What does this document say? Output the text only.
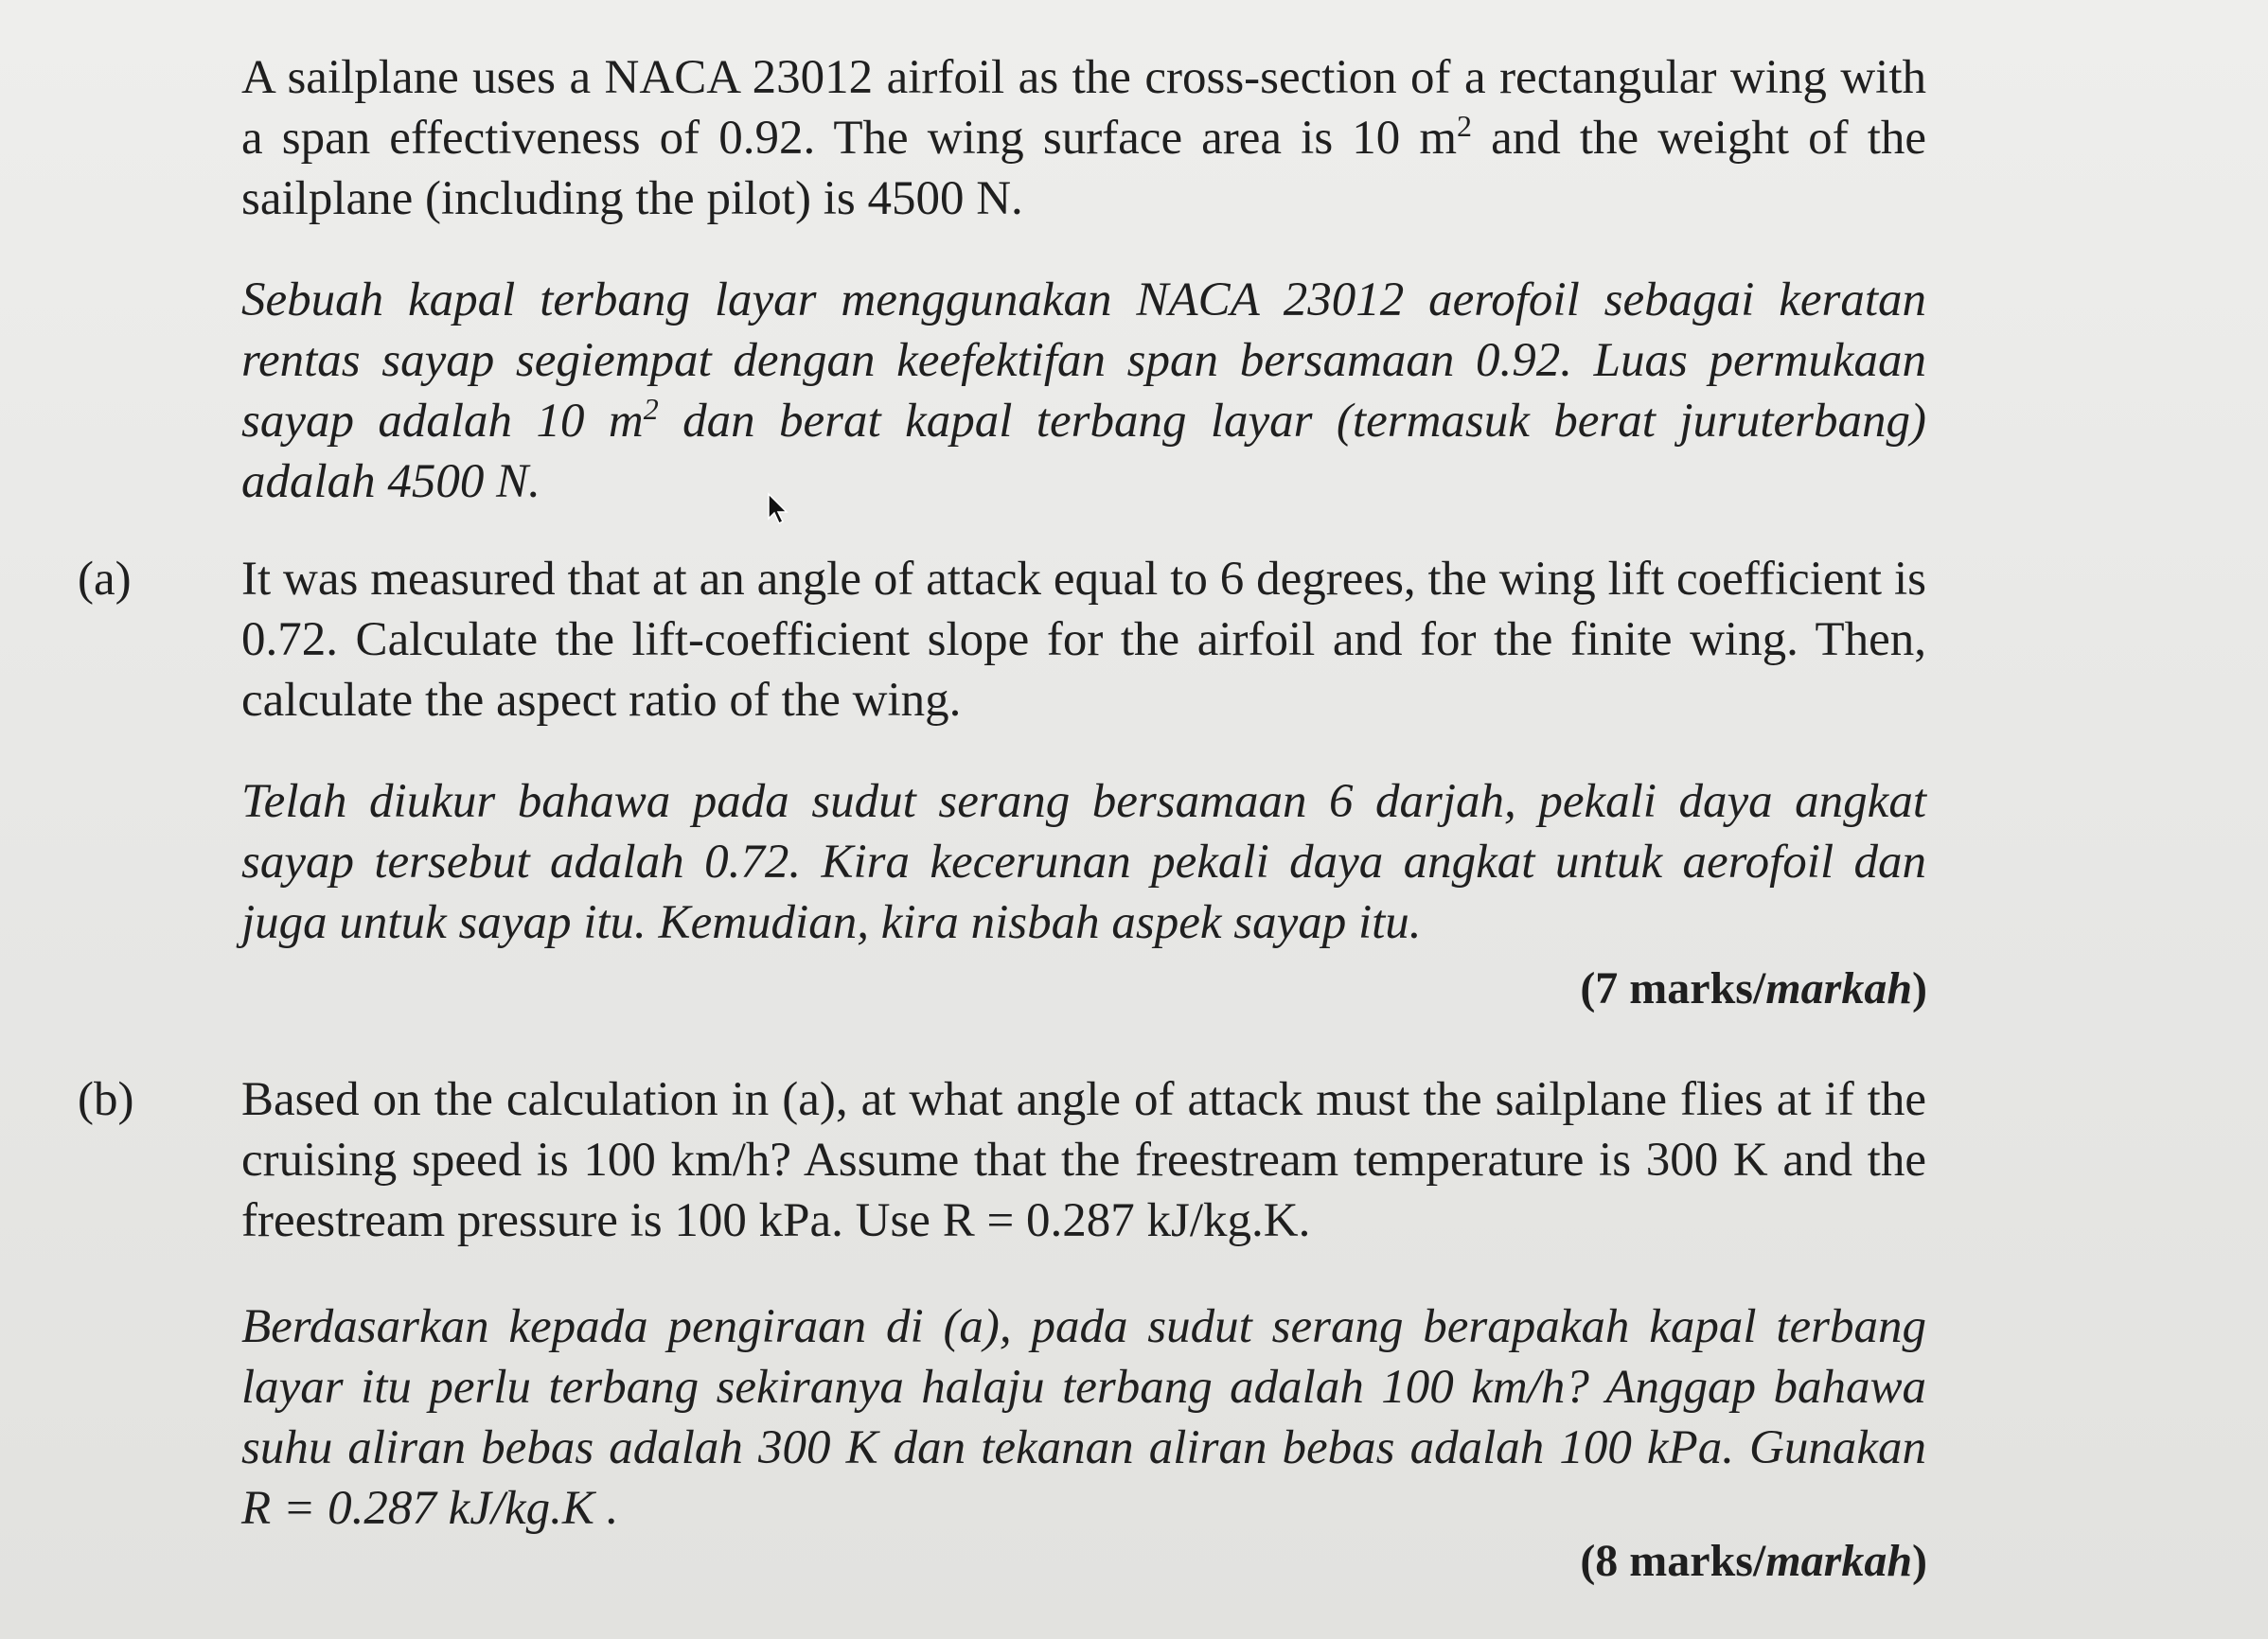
A sailplane uses a NACA 23012 airfoil as the cross-section of a rectangular wing with a span effectiveness of 0.92. The wing surface area is 10 $m^2$ and the weight of the sailplane (including the pilot) is 4500 N.
Sebuah kapal terbang layar menggunakan NACA 23012 aerofoil sebagai keratan rentas sayap segiempat dengan keefektifan span bersamaan 0.92. Luas permukaan sayap adalah 10 $m^2$ dan berat kapal terbang layar (termasuk berat juruterbang) adalah 4500 N.
(a) It was measured that at an angle of attack equal to 6 degrees, the wing lift coefficient is 0.72. Calculate the lift-coefficient slope for the airfoil and for the finite wing. Then, calculate the aspect ratio of the wing.
Telah diukur bahawa pada sudut serang bersamaan 6 darjah, pekali daya angkat sayap tersebut adalah 0.72. Kira kecerunan pekali daya angkat untuk aerofoil dan juga untuk sayap itu. Kemudian, kira nisbah aspek sayap itu.
(7 marks/markah)
(b) Based on the calculation in (a), at what angle of attack must the sailplane flies at if the cruising speed is 100 km/h? Assume that the freestream temperature is 300 K and the freestream pressure is 100 kPa. Use R = 0.287 kJ/kg.K.
Berdasarkan kepada pengiraan di (a), pada sudut serang berapakah kapal terbang layar itu perlu terbang sekiranya halaju terbang adalah 100 km/h? Anggap bahawa suhu aliran bebas adalah 300 K dan tekanan aliran bebas adalah 100 kPa. Gunakan R = 0.287 kJ/kg.K .
(8 marks/markah)
